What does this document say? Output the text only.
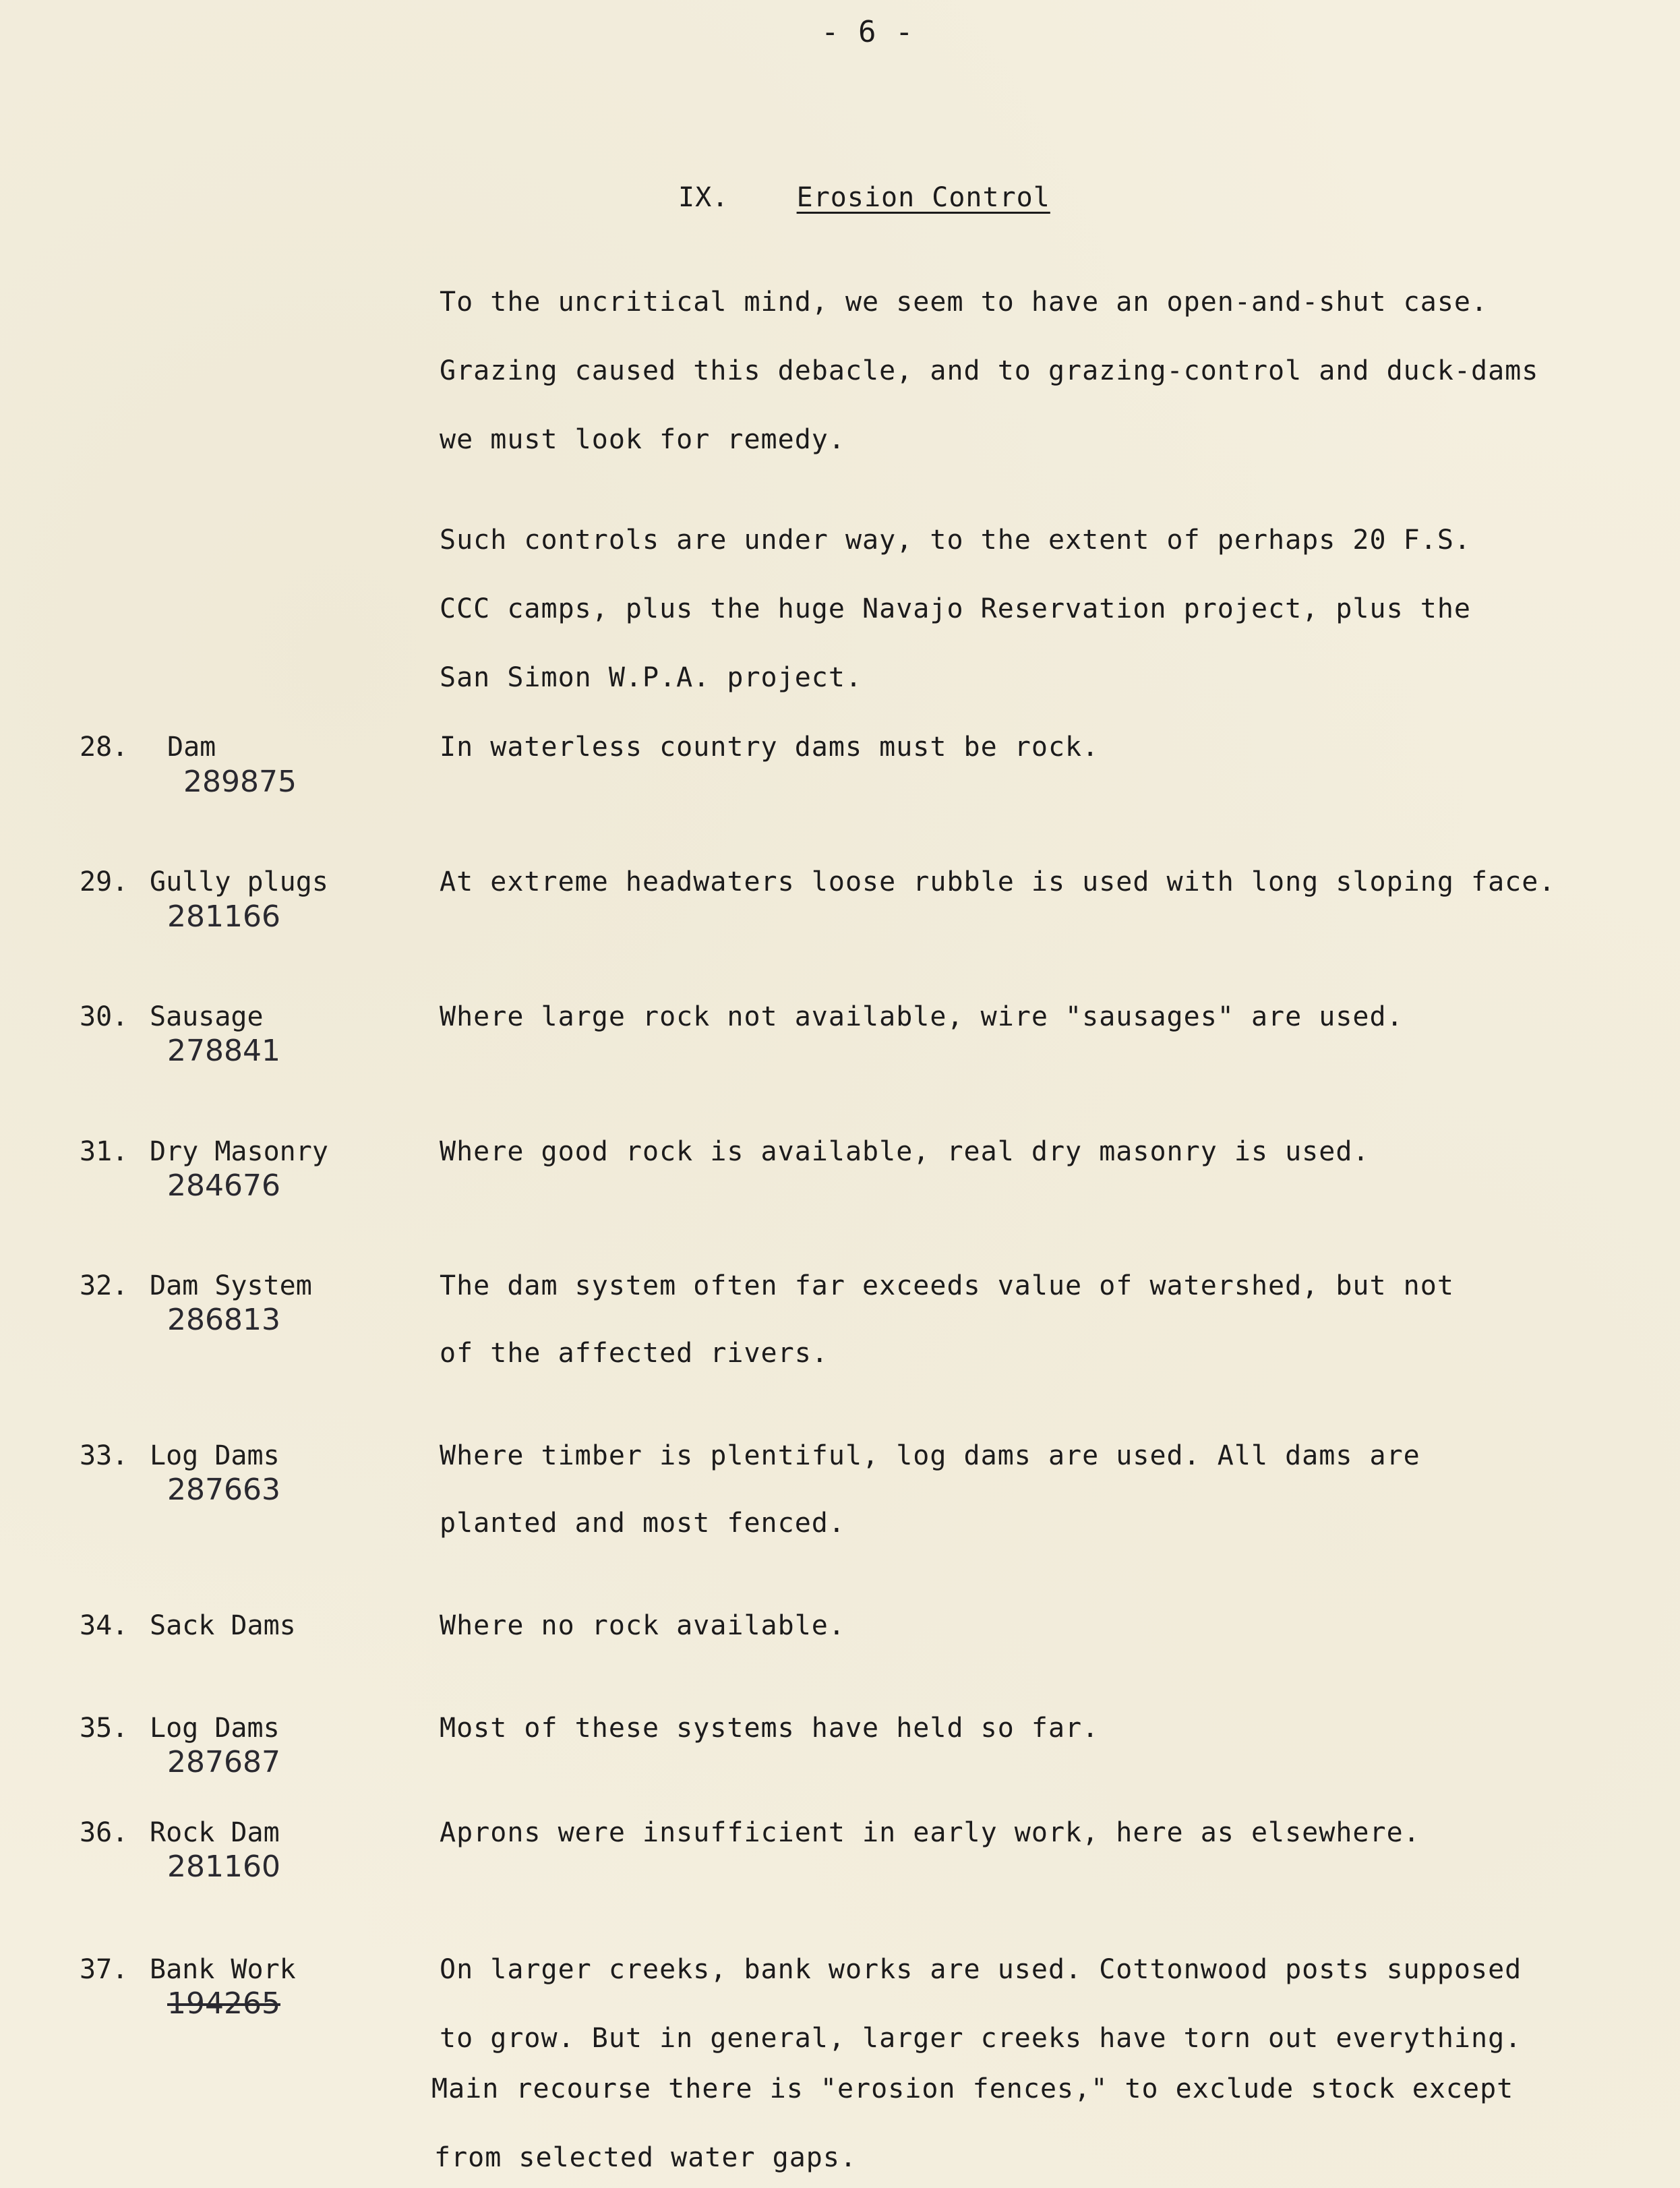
- 6 -
IX.	Erosion Control
To the uncritical mind, we seem to have an open-and-shut case.
Grazing caused this debacle, and to grazing-control and duck-dams
we must look for remedy.
Such controls are under way, to the extent of perhaps 20 F.S.
CCC camps, plus the huge Navajo Reservation project, plus the
San Simon W.P.A. project.
28. Dam
289875
In waterless country dams must be rock.
29. Gully plugs
281166
At extreme headwaters loose rubble is used with long sloping face.
30. Sausage
278841
Where large rock not available, wire "sausages" are used.
31. Dry Masonry
284676
Where good rock is available, real dry masonry is used.
32. Dam System
286813
The dam system often far exceeds value of watershed, but not
of the affected rivers.
33. Log Dams
287663
Where timber is plentiful, log dams are used. All dams are
planted and most fenced.
34. Sack Dams	Where no rock available.
35. Log Dams
287687
Most of these systems have held so far.
36. Rock Dam
281160
Aprons were insufficient in early work, here as elsewhere.
37. Bank Work
194265
On larger creeks, bank works are used. Cottonwood posts supposed
to grow. But in general, larger creeks have torn out everything.
Main recourse there is "erosion fences," to exclude stock except
from selected water gaps.
